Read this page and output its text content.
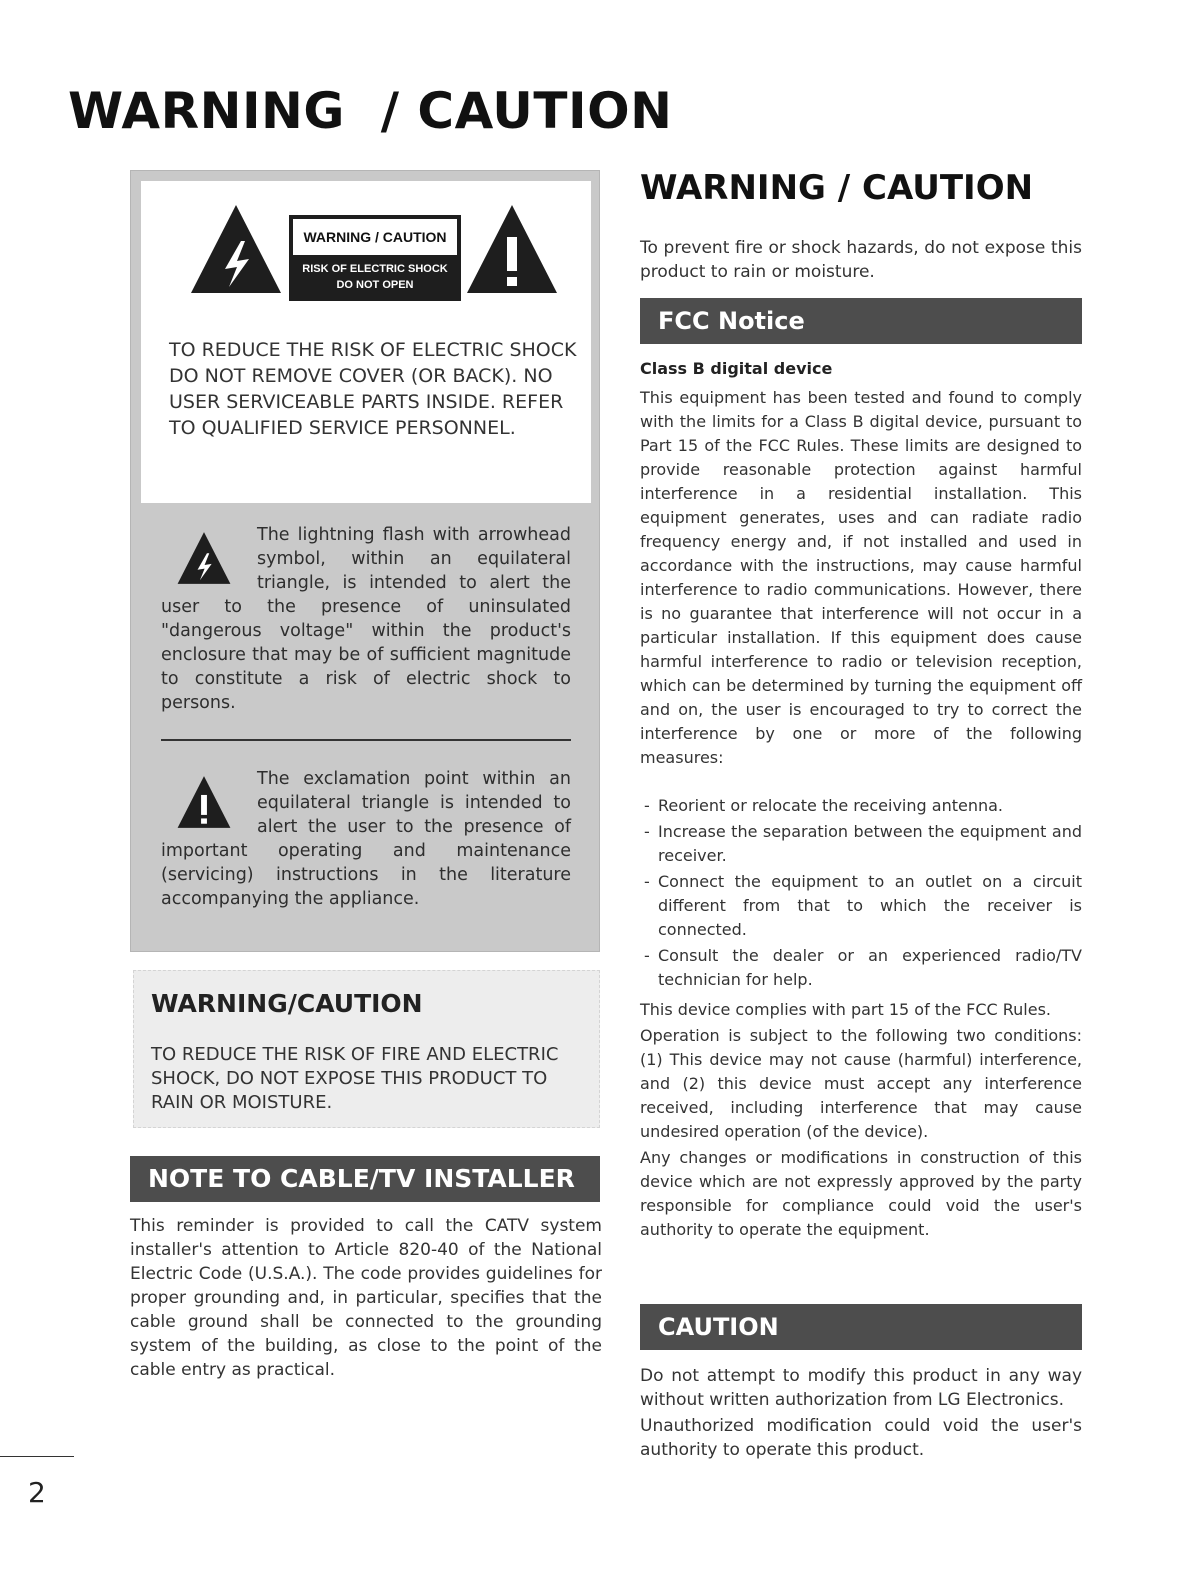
WARNING  / CAUTION
WARNING / CAUTION
RISK OF ELECTRIC SHOCK
DO NOT OPEN
TO REDUCE THE RISK OF ELECTRIC SHOCK DO NOT REMOVE COVER (OR BACK). NO USER SERVICEABLE PARTS INSIDE. REFER TO QUALIFIED SERVICE PERSONNEL.
The lightning flash with arrowhead symbol, within an equilateral triangle, is intended to alert the user to the presence of uninsulated "dangerous voltage" within the product's enclosure that may be of sufficient magnitude to constitute a risk of electric shock to persons.
The exclamation point within an equilateral triangle is intended to alert the user to the presence of important operating and maintenance (servicing) instructions in the literature accompanying the appliance.
WARNING/CAUTION
TO REDUCE THE RISK OF FIRE AND ELECTRIC SHOCK, DO NOT EXPOSE THIS PRODUCT TO RAIN OR MOISTURE.
NOTE TO CABLE/TV INSTALLER
This reminder is provided to call the CATV system installer's attention to Article 820-40 of the National Electric Code (U.S.A.). The code provides guidelines for proper grounding and, in particular, specifies that the cable ground shall be connected to the grounding system of the building, as close to the point of the cable entry as practical.
2
WARNING / CAUTION
To prevent fire or shock hazards, do not expose this product to rain or moisture.
FCC Notice
Class B digital device
This equipment has been tested and found to comply with the limits for a Class B digital device, pursuant to Part 15 of the FCC Rules. These limits are designed to provide reasonable protection against harmful interference in a residential installation. This equipment generates, uses and can radiate radio frequency energy and, if not installed and used in accordance with the instructions, may cause harmful interference to radio communications. However, there is no guarantee that interference will not occur in a particular installation. If this equipment does cause harmful interference to radio or television reception, which can be determined by turning the equipment off and on, the user is encouraged to try to correct the interference by one or more of the following measures:
- Reorient or relocate the receiving antenna.
- Increase the separation between the equipment and receiver.
- Connect the equipment to an outlet on a circuit different from that to which the receiver is connected.
- Consult the dealer or an experienced radio/TV technician for help.

This device complies with part 15 of the FCC Rules.

Operation is subject to the following two conditions: (1) This device may not cause (harmful) interference, and (2) this device must accept any interference received, including interference that may cause undesired operation (of the device).

Any changes or modifications in construction of this device which are not expressly approved by the party responsible for compliance could void the user's authority to operate the equipment.

CAUTION

Do not attempt to modify this product in any way without written authorization from LG Electronics.

Unauthorized modification could void the user's authority to operate this product.
